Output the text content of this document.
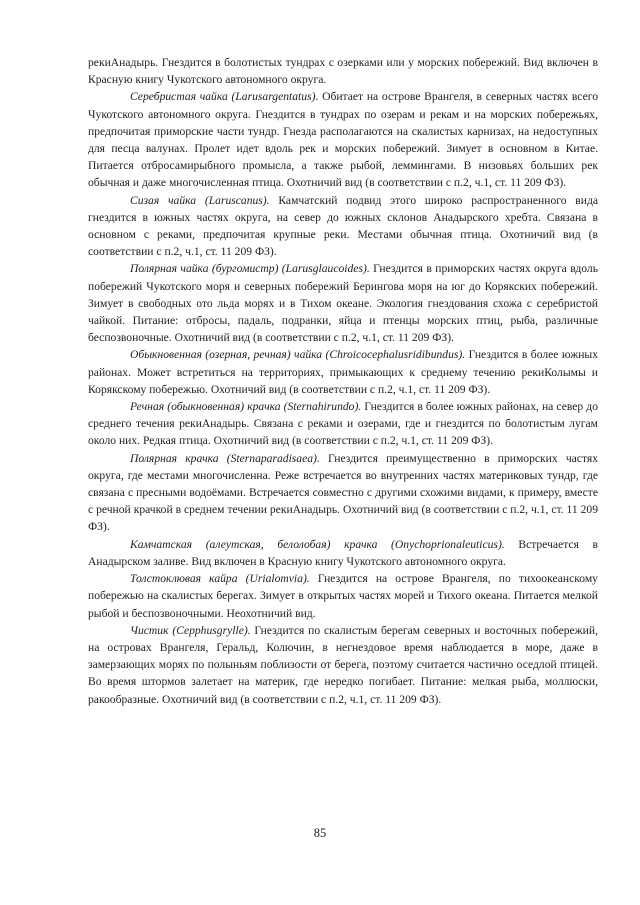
рекиАнадырь. Гнездится в болотистых тундрах с озерками или у морских побережий. Вид включен в Красную книгу Чукотского автономного округа.

Серебристая чайка (Larusargentatus). Обитает на острове Врангеля, в северных частях всего Чукотского автономного округа. Гнездится в тундрах по озерам и рекам и на морских побережьях, предпочитая приморские части тундр. Гнезда располагаются на скалистых карнизах, на недоступных для песца валунах. Пролет идет вдоль рек и морских побережий. Зимует в основном в Китае. Питается отбросамирыбного промысла, а также рыбой, леммингами. В низовьях больших рек обычная и даже многочисленная птица. Охотничий вид (в соответствии с п.2, ч.1, ст. 11 209 ФЗ).

Сизая чайка (Laruscanus). Камчатский подвид этого широко распространенного вида гнездится в южных частях округа, на север до южных склонов Анадырского хребта. Связана в основном с реками, предпочитая крупные реки. Местами обычная птица. Охотничий вид (в соответствии с п.2, ч.1, ст. 11 209 ФЗ).

Полярная чайка (бургомистр) (Larusglaucoides). Гнездится в приморских частях округа вдоль побережий Чукотского моря и северных побережий Берингова моря на юг до Корякских побережий. Зимует в свободных ото льда морях и в Тихом океане. Экология гнездования схожа с серебристой чайкой. Питание: отбросы, падаль, подранки, яйца и птенцы морских птиц, рыба, различные беспозвоночные. Охотничий вид (в соответствии с п.2, ч.1, ст. 11 209 ФЗ).

Обыкновенная (озерная, речная) чайка (Chroicocephalusridibundus). Гнездится в более южных районах. Может встретиться на территориях, примыкающих к среднему течению рекиКолымы и Корякскому побережью. Охотничий вид (в соответствии с п.2, ч.1, ст. 11 209 ФЗ).

Речная (обыкновенная) крачка (Sternahirundo). Гнездится в более южных районах, на север до среднего течения рекиАнадырь. Связана с реками и озерами, где и гнездится по болотистым лугам около них. Редкая птица. Охотничий вид (в соответствии с п.2, ч.1, ст. 11 209 ФЗ).

Полярная крачка (Sternaparadisaea). Гнездится преимущественно в приморских частях округа, где местами многочисленна. Реже встречается во внутренних частях материковых тундр, где связана с пресными водоёмами. Встречается совместно с другими схожими видами, к примеру, вместе с речной крачкой в среднем течении рекиАнадырь. Охотничий вид (в соответствии с п.2, ч.1, ст. 11 209 ФЗ).

Камчатская (алеутская, белолобая) крачка (Onychoprionaleuticus). Встречается в Анадырском заливе. Вид включен в Красную книгу Чукотского автономного округа.

Толстоклювая кайра (Urialomvia). Гнездится на острове Врангеля, по тихоокеанскому побережью на скалистых берегах. Зимует в открытых частях морей и Тихого океана. Питается мелкой рыбой и беспозвоночными. Неохотничий вид.

Чистик (Cepphusgrylle). Гнездится по скалистым берегам северных и восточных побережий, на островах Врангеля, Геральд, Колючин, в негнездовое время наблюдается в море, даже в замерзающих морях по полыньям поблизости от берега, поэтому считается частично оседлой птицей. Во время штормов залетает на материк, где нередко погибает. Питание: мелкая рыба, моллюски, ракообразные. Охотничий вид (в соответствии с п.2, ч.1, ст. 11 209 ФЗ).

85
